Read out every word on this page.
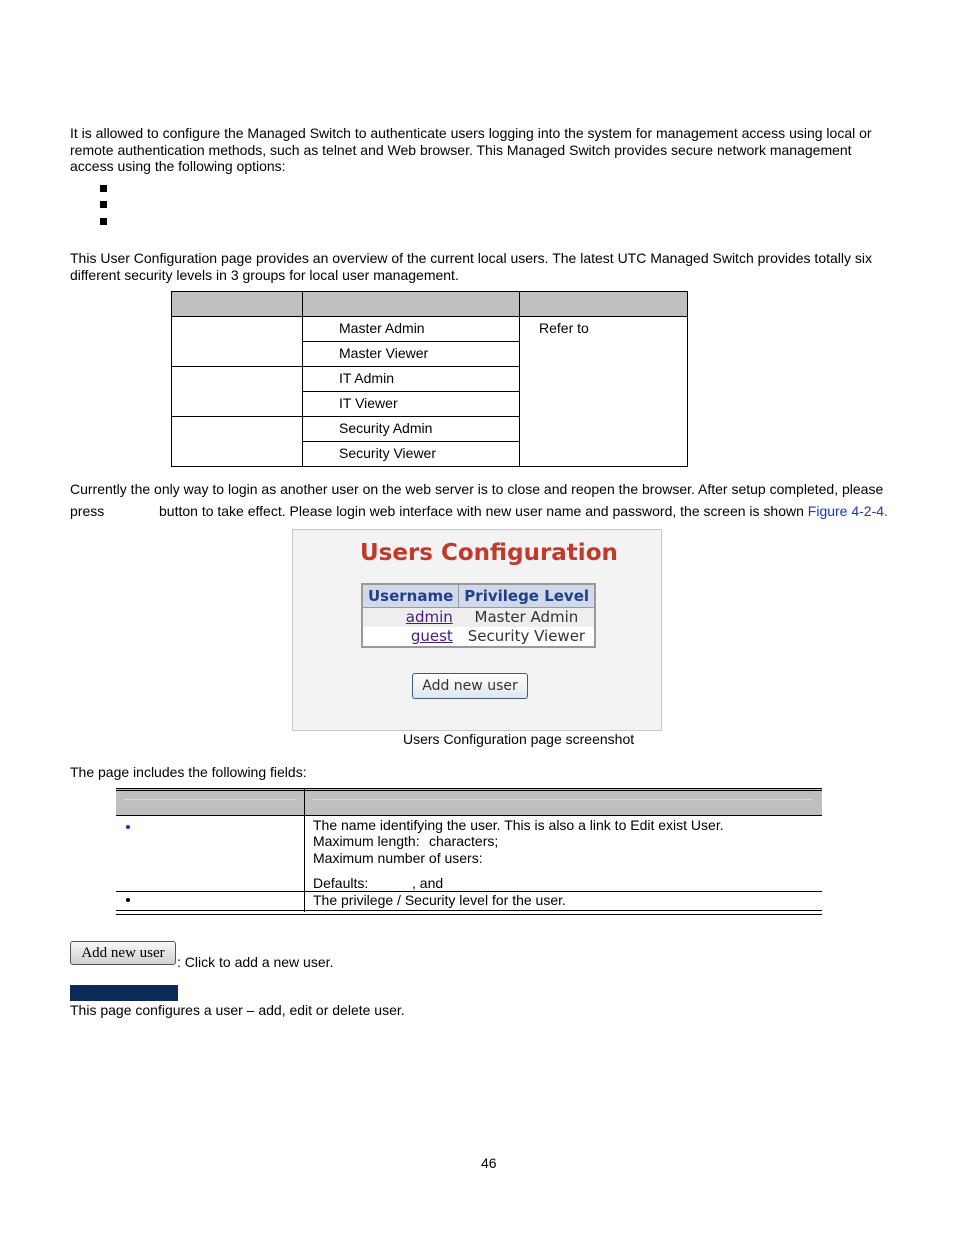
It is allowed to configure the Managed Switch to authenticate users logging into the system for management access using local or remote authentication methods, such as telnet and Web browser. This Managed Switch provides secure network management access using the following options:

This User Configuration page provides an overview of the current local users. The latest UTC Managed Switch provides totally six different security levels in 3 groups for local user management.

	Master Admin	Refer to
	Master Viewer	
	IT Admin	
	IT Viewer	
	Security Admin	
	Security Viewer	

Currently the only way to login as another user on the web server is to close and reopen the browser. After setup completed, please

press	button to take effect. Please login web interface with new user name and password, the screen is shown Figure 4-2-4.

Users Configuration
Username	Privilege Level
admin	Master Admin
guest	Security Viewer
Add new user

Users Configuration page screenshot

The page includes the following fields:

The name identifying the user. This is also a link to Edit exist User.

Maximum length: characters;

Maximum number of users:

Defaults:	, and

The privilege / Security level for the user.

Add new user

: Click to add a new user.

This page configures a user – add, edit or delete user.

46
